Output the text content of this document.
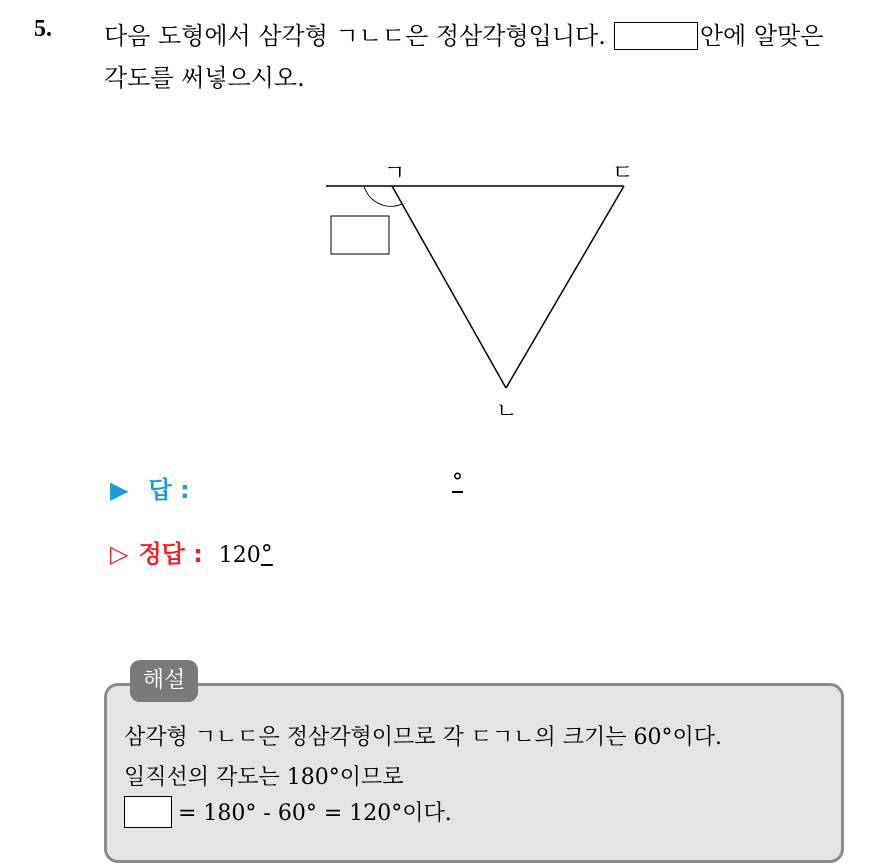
5. 다음 도형에서 삼각형 ㄱㄴㄷ은 정삼각형입니다.	안에 알맞은
각도를 써넣으시오.
ㄱ	ㄷ
ㄴ
▶ 답 :	°
▷ 정답 : 120°
해설
삼각형 ㄱㄴㄷ은 정삼각형이므로 각 ㄷㄱㄴ의 크기는 60°이다.
일직선의 각도는 180°이므로
= 180° - 60° = 120°이다.
